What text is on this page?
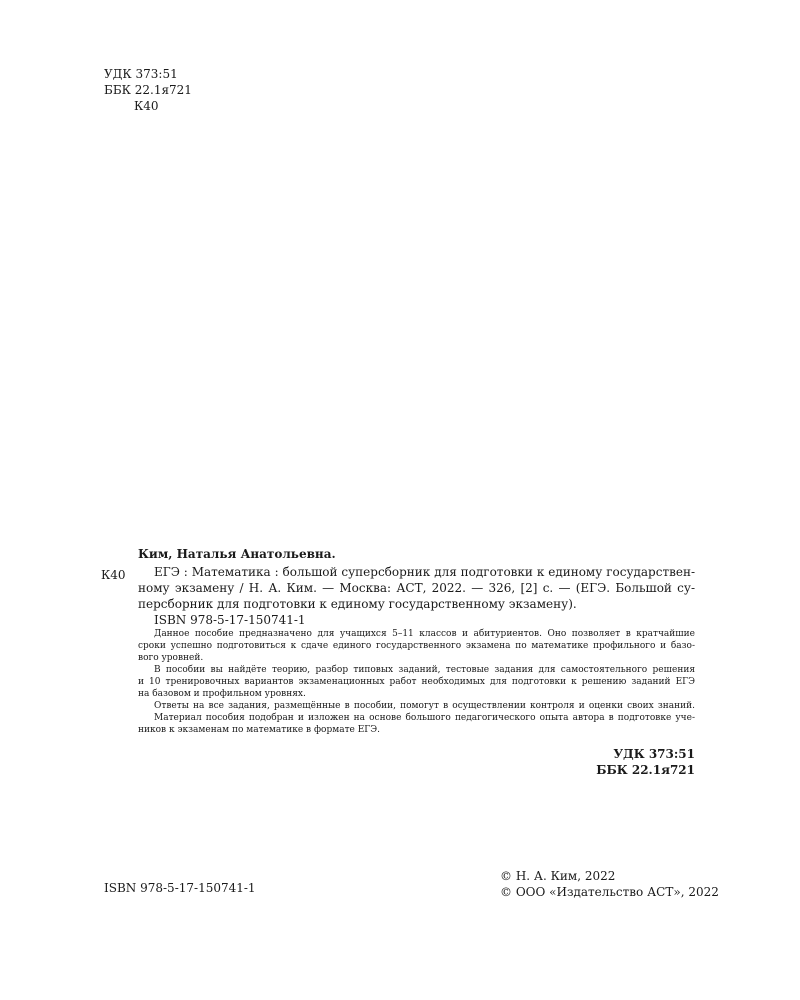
УДК 373:51
ББК 22.1я721
К40
Ким, Наталья Анатольевна.
К40	ЕГЭ : Математика : большой суперсборник для подготовки к единому государствен-
ному экзамену / Н. А. Ким. — Москва: АСТ, 2022. — 326, [2] с. — (ЕГЭ. Большой су-
персборник для подготовки к единому государственному экзамену).
ISBN 978-5-17-150741-1

Данное пособие предназначено для учащихся 5–11 классов и абитуриентов. Оно позволяет в кратчайшие
сроки успешно подготовиться к сдаче единого государственного экзамена по математике профильного и базо-
вого уровней.

В пособии вы найдёте теорию, разбор типовых заданий, тестовые задания для самостоятельного решения
и 10 тренировочных вариантов экзаменационных работ необходимых для подготовки к решению заданий ЕГЭ
на базовом и профильном уровнях.

Ответы на все задания, размещённые в пособии, помогут в осуществлении контроля и оценки своих знаний.

Материал пособия подобран и изложен на основе большого педагогического опыта автора в подготовке уче-
ников к экзаменам по математике в формате ЕГЭ.

УДК 373:51
ББК 22.1я721
ISBN 978-5-17-150741-1
© Н. А. Ким, 2022
© ООО «Издательство АСТ», 2022
